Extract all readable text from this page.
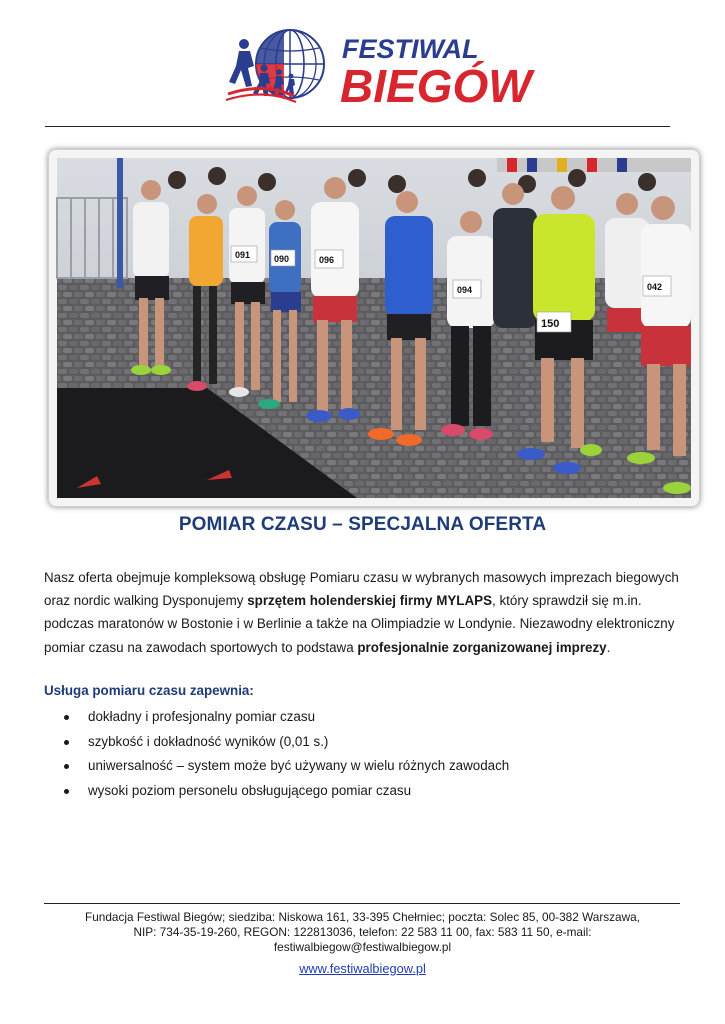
FESTIWAL
BIEGÓW
091	090	096
094
150
042
POMIAR CZASU – SPECJALNA OFERTA
Nasz oferta obejmuje kompleksową obsługę Pomiaru czasu w wybranych masowych imprezach biegowych oraz nordic walking Dysponujemy sprzętem holenderskiej firmy MYLAPS, który sprawdził się m.in. podczas maratonów w Bostonie i w Berlinie a także na Olimpiadzie w Londynie. Niezawodny elektroniczny pomiar czasu na zawodach sportowych to podstawa profesjonalnie zorganizowanej imprezy.
Usługa pomiaru czasu zapewnia:
dokładny i profesjonalny pomiar czasu
szybkość i dokładność wyników (0,01 s.)
uniwersalność – system może być używany w wielu różnych zawodach
wysoki poziom personelu obsługującego pomiar czasu
Fundacja Festiwal Biegów; siedziba: Niskowa 161, 33-395 Chełmiec; poczta: Solec 85, 00-382 Warszawa,
NIP: 734-35-19-260, REGON: 122813036, telefon: 22 583 11 00, fax: 583 11 50, e-mail:
festiwalbiegow@festiwalbiegow.pl
www.festiwalbiegow.pl
